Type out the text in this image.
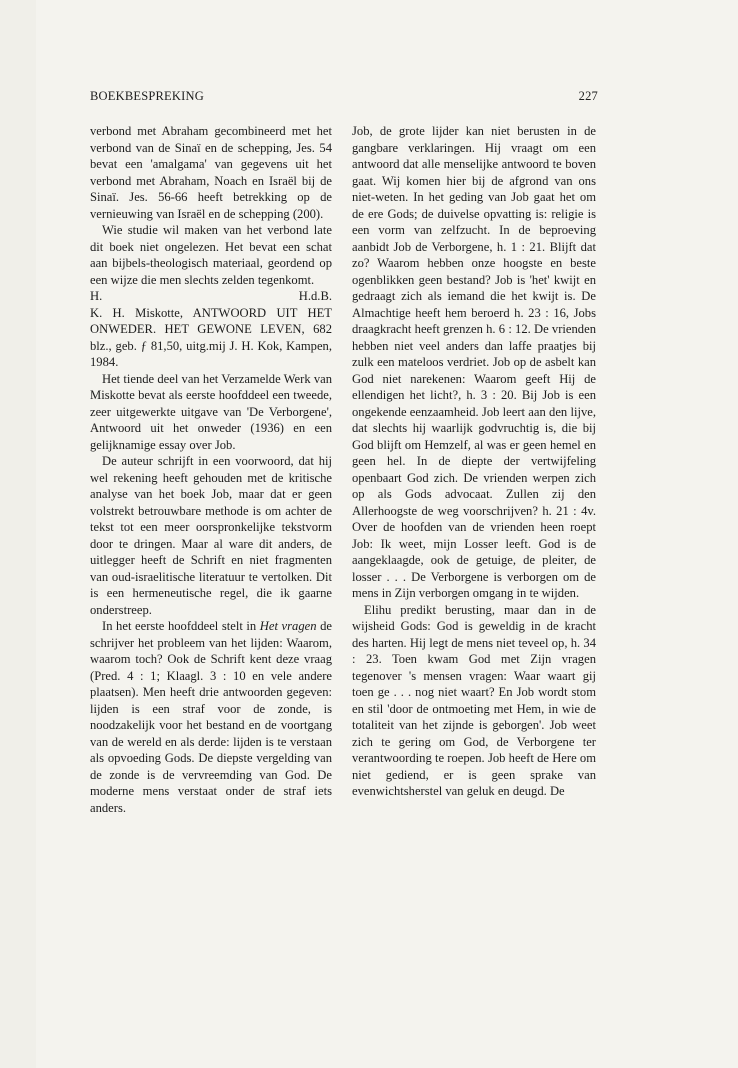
BOEKBESPREKING	227

verbond met Abraham gecombineerd met het verbond van de Sinaï en de schepping, Jes. 54 bevat een 'amalgama' van gegevens uit het verbond met Abraham, Noach en Israël bij de Sinaï. Jes. 56-66 heeft betrekking op de vernieuwing van Israël en de schepping (200).

Wie studie wil maken van het verbond late dit boek niet ongelezen. Het bevat een schat aan bijbels-theologisch materiaal, geordend op een wijze die men slechts zelden tegenkomt.

H.	H.d.B.

K. H. Miskotte, ANTWOORD UIT HET ONWEDER. HET GEWONE LEVEN, 682 blz., geb. ƒ 81,50, uitg.mij J. H. Kok, Kampen, 1984.

Het tiende deel van het Verzamelde Werk van Miskotte bevat als eerste hoofddeel een tweede, zeer uitgewerkte uitgave van 'De Verborgene', Antwoord uit het onweder (1936) en een gelijknamige essay over Job.

De auteur schrijft in een voorwoord, dat hij wel rekening heeft gehouden met de kritische analyse van het boek Job, maar dat er geen volstrekt betrouwbare methode is om achter de tekst tot een meer oorspronkelijke tekstvorm door te dringen. Maar al ware dit anders, de uitlegger heeft de Schrift en niet fragmenten van oud-israelitische literatuur te vertolken. Dit is een hermeneutische regel, die ik gaarne onderstreep.

In het eerste hoofddeel stelt in Het vragen de schrijver het probleem van het lijden: Waarom, waarom toch? Ook de Schrift kent deze vraag (Pred. 4 : 1; Klaagl. 3 : 10 en vele andere plaatsen). Men heeft drie antwoorden gegeven: lijden is een straf voor de zonde, is noodzakelijk voor het bestand en de voortgang van de wereld en als derde: lijden is te verstaan als opvoeding Gods. De diepste vergelding van de zonde is de vervreemding van God. De moderne mens verstaat onder de straf iets anders.

Job, de grote lijder kan niet berusten in de gangbare verklaringen. Hij vraagt om een antwoord dat alle menselijke antwoord te boven gaat. Wij komen hier bij de afgrond van ons niet-weten. In het geding van Job gaat het om de ere Gods; de duivelse opvatting is: religie is een vorm van zelfzucht. In de beproeving aanbidt Job de Verborgene, h. 1 : 21. Blijft dat zo? Waarom hebben onze hoogste en beste ogenblikken geen bestand? Job is 'het' kwijt en gedraagt zich als iemand die het kwijt is. De Almachtige heeft hem beroerd h. 23 : 16, Jobs draagkracht heeft grenzen h. 6 : 12. De vrienden hebben niet veel anders dan laffe praatjes bij zulk een mateloos verdriet. Job op de asbelt kan God niet narekenen: Waarom geeft Hij de ellendigen het licht?, h. 3 : 20. Bij Job is een ongekende eenzaamheid. Job leert aan den lijve, dat slechts hij waarlijk godvruchtig is, die bij God blijft om Hemzelf, al was er geen hemel en geen hel. In de diepte der vertwijfeling openbaart God zich. De vrienden werpen zich op als Gods advocaat. Zullen zij den Allerhoogste de weg voorschrijven? h. 21 : 4v. Over de hoofden van de vrienden heen roept Job: Ik weet, mijn Losser leeft. God is de aangeklaagde, ook de getuige, de pleiter, de losser . . . De Verborgene is verborgen om de mens in Zijn verborgen omgang in te wijden.

Elihu predikt berusting, maar dan in de wijsheid Gods: God is geweldig in de kracht des harten. Hij legt de mens niet teveel op, h. 34 : 23. Toen kwam God met Zijn vragen tegenover 's mensen vragen: Waar waart gij toen ge . . . nog niet waart? En Job wordt stom en stil 'door de ontmoeting met Hem, in wie de totaliteit van het zijnde is geborgen'. Job weet zich te gering om God, de Verborgene ter verantwoording te roepen. Job heeft de Here om niet gediend, er is geen sprake van evenwichtsherstel van geluk en deugd. De
